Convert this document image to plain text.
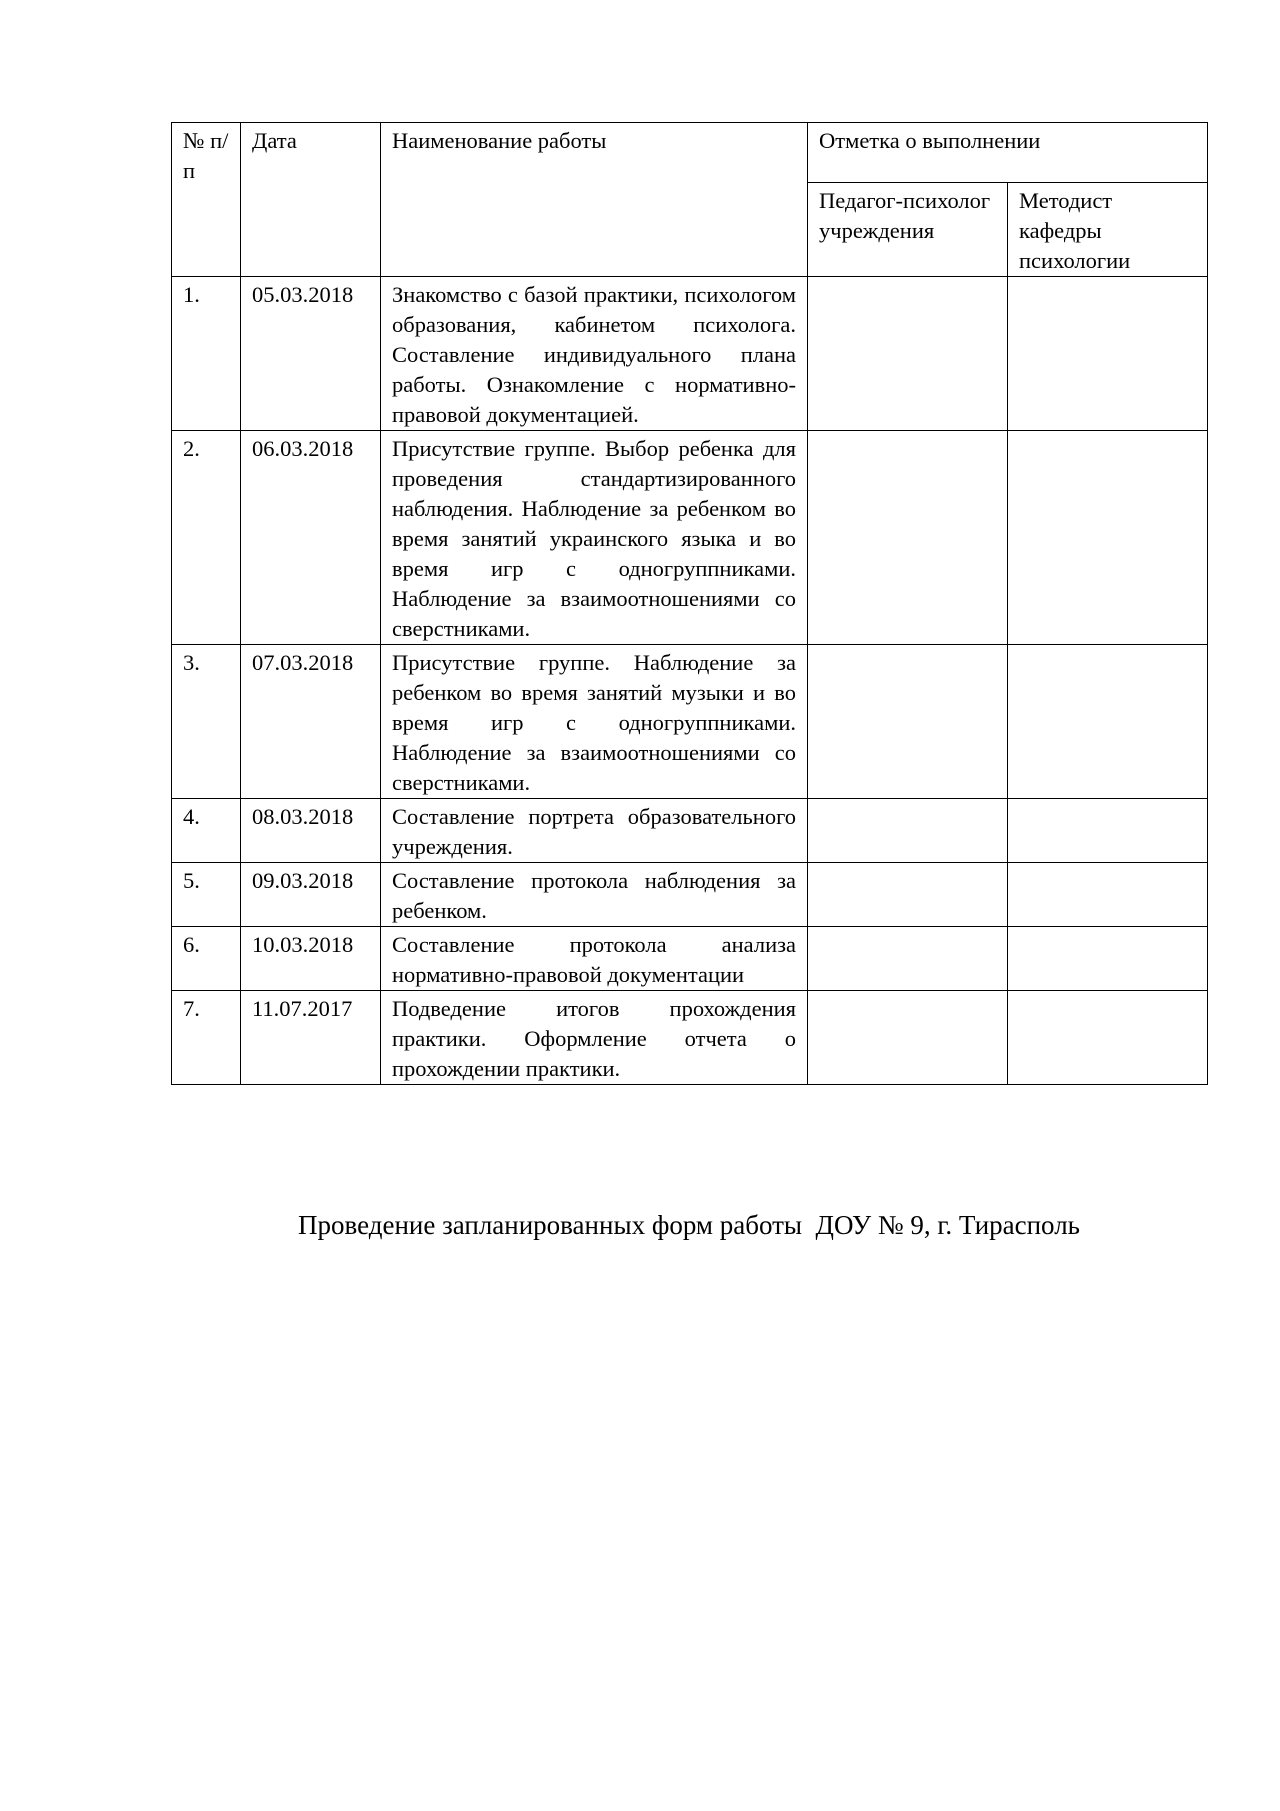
№ п/п	Дата	Наименование работы	Отметка о выполнении	
			Педагог-психолог учреждения	Методист кафедры психологии
1.	05.03.2018	Знакомство с базой практики, психологом образования, кабинетом психолога. Составление индивидуального плана работы. Ознакомление с нормативно-правовой документацией.		
2.	06.03.2018	Присутствие группе. Выбор ребенка для проведения стандартизированного наблюдения. Наблюдение за ребенком во время занятий украинского языка и во время игр с одногруппниками. Наблюдение за взаимоотношениями со сверстниками.		
3.	07.03.2018	Присутствие группе. Наблюдение за ребенком во время занятий музыки и во время игр с одногруппниками. Наблюдение за взаимоотношениями со сверстниками.		
4.	08.03.2018	Составление портрета образовательного учреждения.		
5.	09.03.2018	Составление протокола наблюдения за ребенком.		
6.	10.03.2018	Составление протокола анализа нормативно-правовой документации		
7.	11.07.2017	Подведение итогов прохождения практики. Оформление отчета о прохождении практики.		
Проведение запланированных форм работы  ДОУ № 9, г. Тирасполь
